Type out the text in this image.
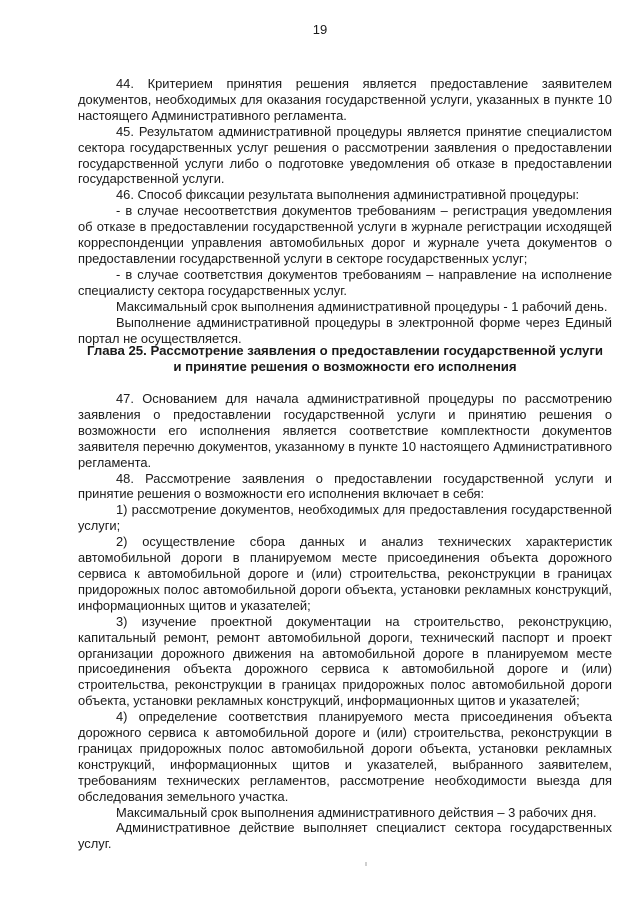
19

44. Критерием принятия решения является предоставление заявителем документов, необходимых для оказания государственной услуги, указанных в пункте 10 настоящего Административного регламента.

45. Результатом административной процедуры является принятие специалистом сектора государственных услуг решения о рассмотрении заявления о предоставлении государственной услуги либо о подготовке уведомления об отказе в предоставлении государственной услуги.

46. Способ фиксации результата выполнения административной процедуры:

- в случае несоответствия документов требованиям – регистрация уведомления об отказе в предоставлении государственной услуги в журнале регистрации исходящей корреспонденции управления автомобильных дорог и журнале учета документов о предоставлении государственной услуги в секторе государственных услуг;

- в случае соответствия документов требованиям – направление на исполнение специалисту сектора государственных услуг.

Максимальный срок выполнения административной процедуры - 1 рабочий день.

Выполнение административной процедуры в электронной форме через Единый портал не осуществляется.

Глава 25. Рассмотрение заявления о предоставлении государственной услуги
и принятие решения о возможности его исполнения

47. Основанием для начала административной процедуры по рассмотрению заявления о предоставлении государственной услуги и принятию решения о возможности его исполнения является соответствие комплектности документов заявителя перечню документов, указанному в пункте 10 настоящего Административного регламента.

48. Рассмотрение заявления о предоставлении государственной услуги и принятие решения о возможности его исполнения включает в себя:

1) рассмотрение документов, необходимых для предоставления государственной услуги;

2) осуществление сбора данных и анализ технических характеристик автомобильной дороги в планируемом месте присоединения объекта дорожного сервиса к автомобильной дороге и (или) строительства, реконструкции в границах придорожных полос автомобильной дороги объекта, установки рекламных конструкций, информационных щитов и указателей;

3) изучение проектной документации на строительство, реконструкцию, капитальный ремонт, ремонт автомобильной дороги, технический паспорт и проект организации дорожного движения на автомобильной дороге в планируемом месте присоединения объекта дорожного сервиса к автомобильной дороге и (или) строительства, реконструкции в границах придорожных полос автомобильной дороги объекта, установки рекламных конструкций, информационных щитов и указателей;

4) определение соответствия планируемого места присоединения объекта дорожного сервиса к автомобильной дороге и (или) строительства, реконструкции в границах придорожных полос автомобильной дороги объекта, установки рекламных конструкций, информационных щитов и указателей, выбранного заявителем, требованиям технических регламентов, рассмотрение необходимости выезда для обследования земельного участка.

Максимальный срок выполнения административного действия – 3 рабочих дня.

Административное действие выполняет специалист сектора государственных услуг.
